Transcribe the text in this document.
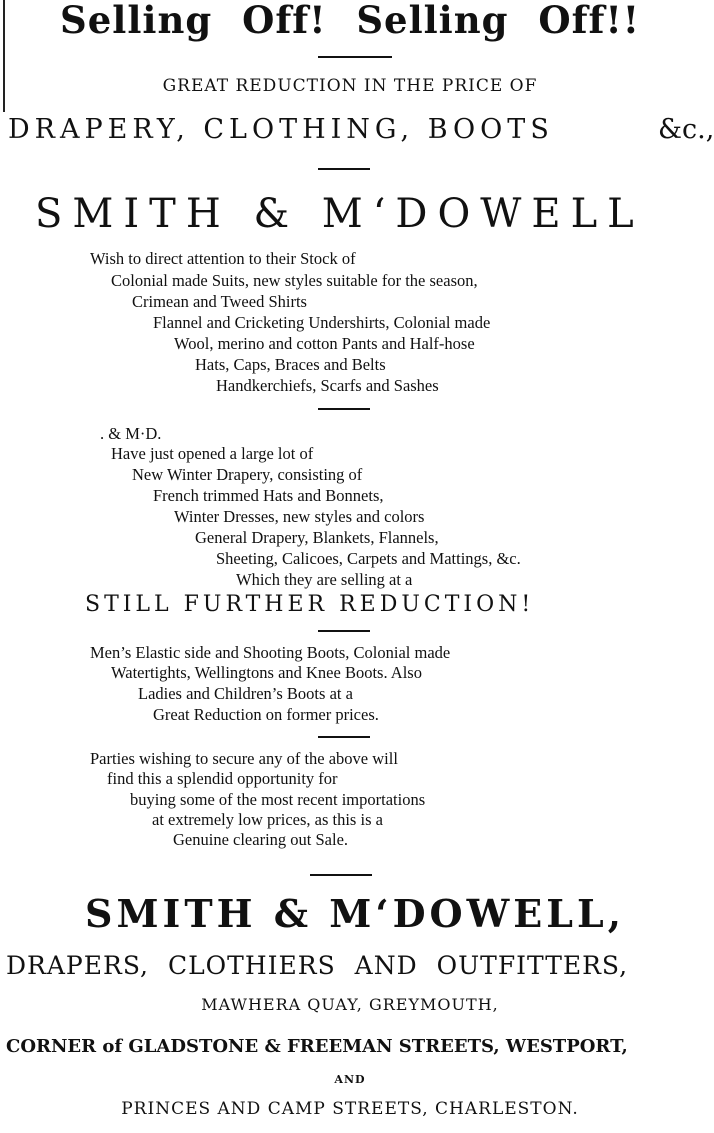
Selling Off! Selling Off!!
GREAT REDUCTION IN THE PRICE OF
DRAPERY, CLOTHING, BOOTS	&c.,
SMITH & M‘DOWELL
Wish to direct attention to their Stock of
Colonial made Suits, new styles suitable for the season,
Crimean and Tweed Shirts
Flannel and Cricketing Undershirts, Colonial made
Wool, merino and cotton Pants and Half-hose
Hats, Caps, Braces and Belts
Handkerchiefs, Scarfs and Sashes
. & M·D.
Have just opened a large lot of
New Winter Drapery, consisting of
French trimmed Hats and Bonnets,
Winter Dresses, new styles and colors
General Drapery, Blankets, Flannels,
Sheeting, Calicoes, Carpets and Mattings, &c.
Which they are selling at a
STILL FURTHER REDUCTION!
Men’s Elastic side and Shooting Boots, Colonial made
Watertights, Wellingtons and Knee Boots. Also
Ladies and Children’s Boots at a
Great Reduction on former prices.
Parties wishing to secure any of the above will
find this a splendid opportunity for
buying some of the most recent importations
at extremely low prices, as this is a
Genuine clearing out Sale.
SMITH & M‘DOWELL,
DRAPERS, CLOTHIERS AND OUTFITTERS,
MAWHERA QUAY, GREYMOUTH,
CORNER of GLADSTONE & FREEMAN STREETS, WESTPORT,
AND
PRINCES AND CAMP STREETS, CHARLESTON.
